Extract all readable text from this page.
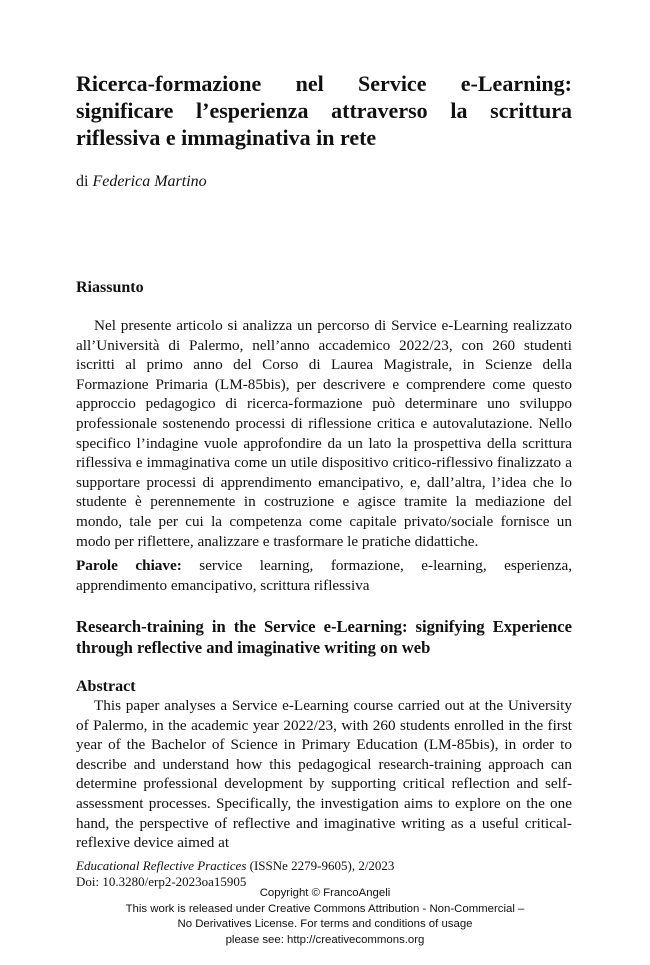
Ricerca-formazione nel Service e-Learning: significare l’esperienza attraverso la scrittura riflessiva e immaginativa in rete

di Federica Martino

Riassunto

Nel presente articolo si analizza un percorso di Service e-Learning realizzato all’Università di Palermo, nell’anno accademico 2022/23, con 260 studenti iscritti al primo anno del Corso di Laurea Magistrale, in Scienze della Formazione Primaria (LM-85bis), per descrivere e comprendere come questo approccio pedagogico di ricerca-formazione può determinare uno sviluppo professionale sostenendo processi di riflessione critica e autovalutazione. Nello specifico l’indagine vuole approfondire da un lato la prospettiva della scrittura riflessiva e immaginativa come un utile dispositivo critico-riflessivo finalizzato a supportare processi di apprendimento emancipativo, e, dall’altra, l’idea che lo studente è perennemente in costruzione e agisce tramite la mediazione del mondo, tale per cui la competenza come capitale privato/sociale fornisce un modo per riflettere, analizzare e trasformare le pratiche didattiche.

Parole chiave: service learning, formazione, e-learning, esperienza, apprendimento emancipativo, scrittura riflessiva

Research-training in the Service e-Learning: signifying Experience through reflective and imaginative writing on web
Abstract

This paper analyses a Service e-Learning course carried out at the University of Palermo, in the academic year 2022/23, with 260 students enrolled in the first year of the Bachelor of Science in Primary Education (LM-85bis), in order to describe and understand how this pedagogical research-training approach can determine professional development by supporting critical reflection and self-assessment processes. Specifically, the investigation aims to explore on the one hand, the perspective of reflective and imaginative writing as a useful critical-reflexive device aimed at

Educational Reflective Practices (ISSNe 2279-9605), 2/2023

Doi: 10.3280/erp2-2023oa15905

Copyright © FrancoAngeli
This work is released under Creative Commons Attribution - Non-Commercial –
No Derivatives License. For terms and conditions of usage
please see: http://creativecommons.org
